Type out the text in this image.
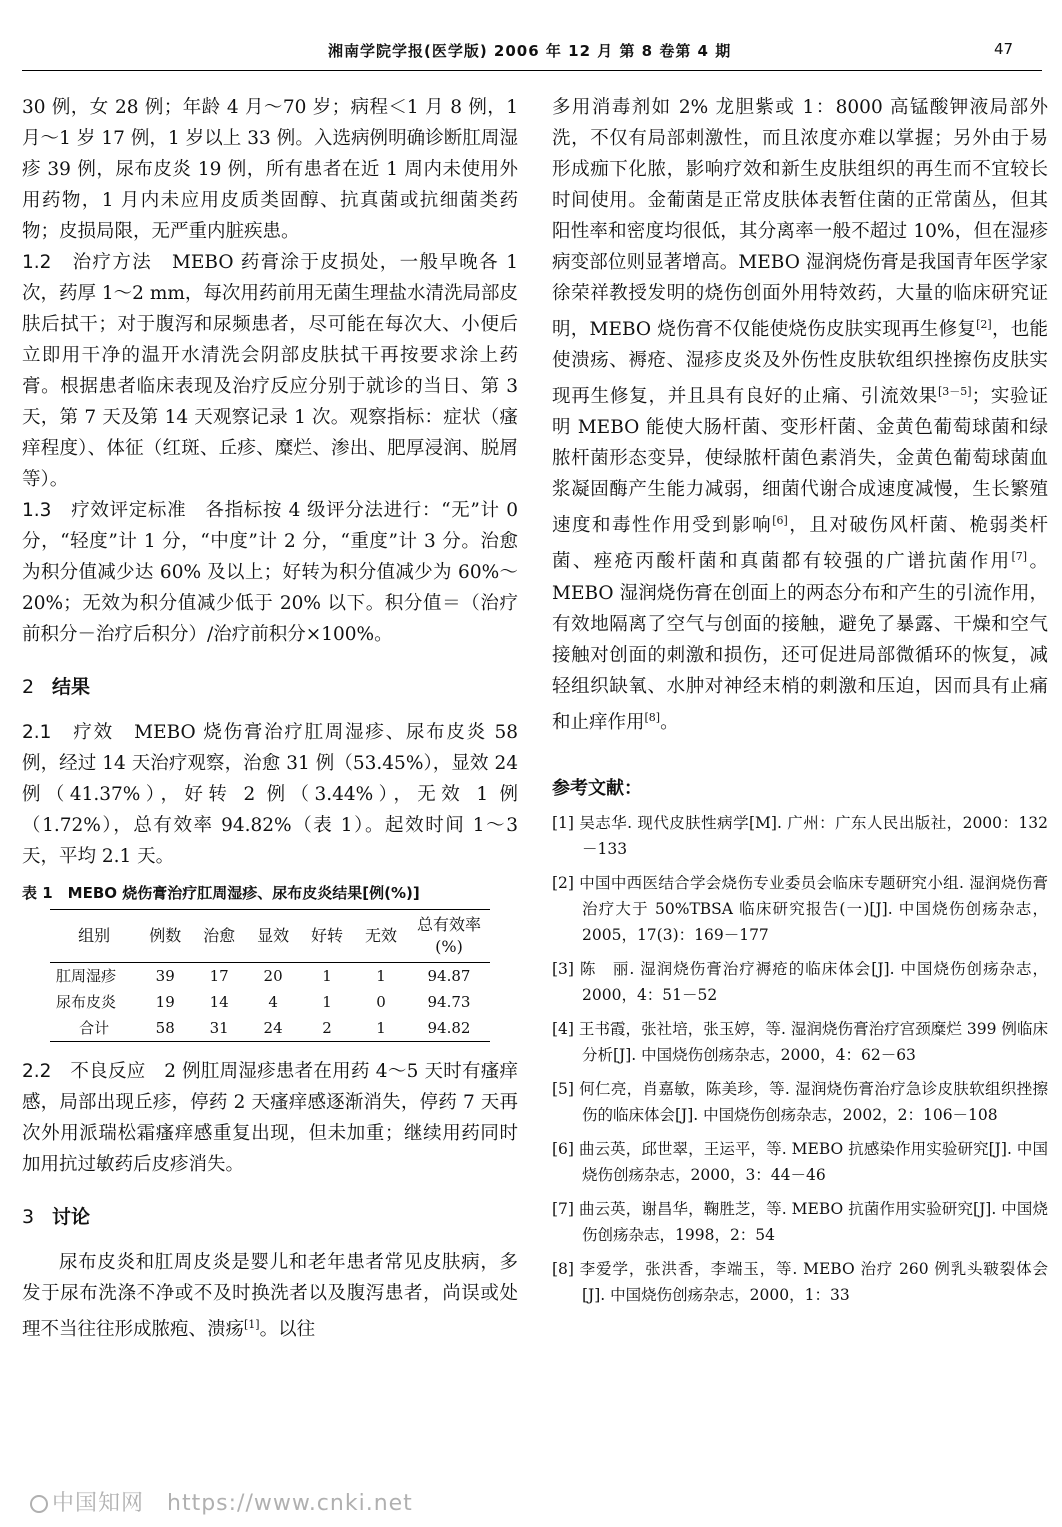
湘南学院学报(医学版) 2006 年 12 月 第 8 卷第 4 期	47

30 例，女 28 例；年龄 4 月～70 岁；病程＜1 月 8 例，1 月～1 岁 17 例，1 岁以上 33 例。入选病例明确诊断肛周湿疹 39 例，尿布皮炎 19 例，所有患者在近 1 周内未使用外用药物，1 月内未应用皮质类固醇、抗真菌或抗细菌类药物；皮损局限，无严重内脏疾患。

1.2　治疗方法　MEBO 药膏涂于皮损处，一般早晚各 1 次，药厚 1～2 mm，每次用药前用无菌生理盐水清洗局部皮肤后拭干；对于腹泻和尿频患者，尽可能在每次大、小便后立即用干净的温开水清洗会阴部皮肤拭干再按要求涂上药膏。根据患者临床表现及治疗反应分别于就诊的当日、第 3 天，第 7 天及第 14 天观察记录 1 次。观察指标：症状（瘙痒程度）、体征（红斑、丘疹、糜烂、渗出、肥厚浸润、脱屑等）。

1.3　疗效评定标准　各指标按 4 级评分法进行：“无”计 0 分，“轻度”计 1 分，“中度”计 2 分，“重度”计 3 分。治愈为积分值减少达 60% 及以上；好转为积分值减少为 60%～20%；无效为积分值减少低于 20% 以下。积分值＝（治疗前积分－治疗后积分）/治疗前积分×100%。

2 结果

2.1　疗效　MEBO 烧伤膏治疗肛周湿疹、尿布皮炎 58 例，经过 14 天治疗观察，治愈 31 例（53.45%），显效 24 例（41.37%），好转 2 例（3.44%），无效 1 例（1.72%），总有效率 94.82%（表 1）。起效时间 1～3 天，平均 2.1 天。

表 1　MEBO 烧伤膏治疗肛周湿疹、尿布皮炎结果[例(%)]
组别	例数	治愈	显效	好转	无效	总有效率(%)
肛周湿疹	39	17	20	1	1	94.87
尿布皮炎	19	14	4	1	0	94.73
合计	58	31	24	2	1	94.82

2.2　不良反应　2 例肛周湿疹患者在用药 4～5 天时有瘙痒感，局部出现丘疹，停药 2 天瘙痒感逐渐消失，停药 7 天再次外用派瑞松霜瘙痒感重复出现，但未加重；继续用药同时加用抗过敏药后皮疹消失。

3 讨论

尿布皮炎和肛周皮炎是婴儿和老年患者常见皮肤病，多发于尿布洗涤不净或不及时换洗者以及腹泻患者，尚误或处理不当往往形成脓疱、溃疡[1]。以往

多用消毒剂如 2% 龙胆紫或 1：8000 高锰酸钾液局部外洗，不仅有局部刺激性，而且浓度亦难以掌握；另外由于易形成痂下化脓，影响疗效和新生皮肤组织的再生而不宜较长时间使用。金葡菌是正常皮肤体表暂住菌的正常菌丛，但其阳性率和密度均很低，其分离率一般不超过 10%，但在湿疹病变部位则显著增高。MEBO 湿润烧伤膏是我国青年医学家徐荣祥教授发明的烧伤创面外用特效药，大量的临床研究证明，MEBO 烧伤膏不仅能使烧伤皮肤实现再生修复[2]，也能使溃疡、褥疮、湿疹皮炎及外伤性皮肤软组织挫擦伤皮肤实现再生修复，并且具有良好的止痛、引流效果[3－5]；实验证明 MEBO 能使大肠杆菌、变形杆菌、金黄色葡萄球菌和绿脓杆菌形态变异，使绿脓杆菌色素消失，金黄色葡萄球菌血浆凝固酶产生能力减弱，细菌代谢合成速度减慢，生长繁殖速度和毒性作用受到影响[6]，且对破伤风杆菌、桅弱类杆菌、痤疮丙酸杆菌和真菌都有较强的广谱抗菌作用[7]。MEBO 湿润烧伤膏在创面上的两态分布和产生的引流作用，有效地隔离了空气与创面的接触，避免了暴露、干燥和空气接触对创面的刺激和损伤，还可促进局部微循环的恢复，减轻组织缺氧、水肿对神经末梢的刺激和压迫，因而具有止痛和止痒作用[8]。

参考文献：

[1] 吴志华. 现代皮肤性病学[M]. 广州：广东人民出版社，2000：132－133

[2] 中国中西医结合学会烧伤专业委员会临床专题研究小组. 湿润烧伤膏治疗大于 50%TBSA 临床研究报告(一)[J]. 中国烧伤创疡杂志，2005，17(3)：169－177

[3] 陈　丽. 湿润烧伤膏治疗褥疮的临床体会[J]. 中国烧伤创疡杂志，2000，4：51－52

[4] 王书霞，张社培，张玉婷，等. 湿润烧伤膏治疗宫颈糜烂 399 例临床分析[J]. 中国烧伤创疡杂志，2000，4：62－63

[5] 何仁亮，肖嘉敏，陈美珍，等. 湿润烧伤膏治疗急诊皮肤软组织挫擦伤的临床体会[J]. 中国烧伤创疡杂志，2002，2：106－108

[6] 曲云英，邱世翠，王运平，等. MEBO 抗感染作用实验研究[J]. 中国烧伤创疡杂志，2000，3：44－46

[7] 曲云英，谢昌华，鞠胜芝，等. MEBO 抗菌作用实验研究[J]. 中国烧伤创疡杂志，1998，2：54

[8] 李爱学，张洪香，李端玉，等. MEBO 治疗 260 例乳头皲裂体会[J]. 中国烧伤创疡杂志，2000，1：33

中国知网　https://www.cnki.net
